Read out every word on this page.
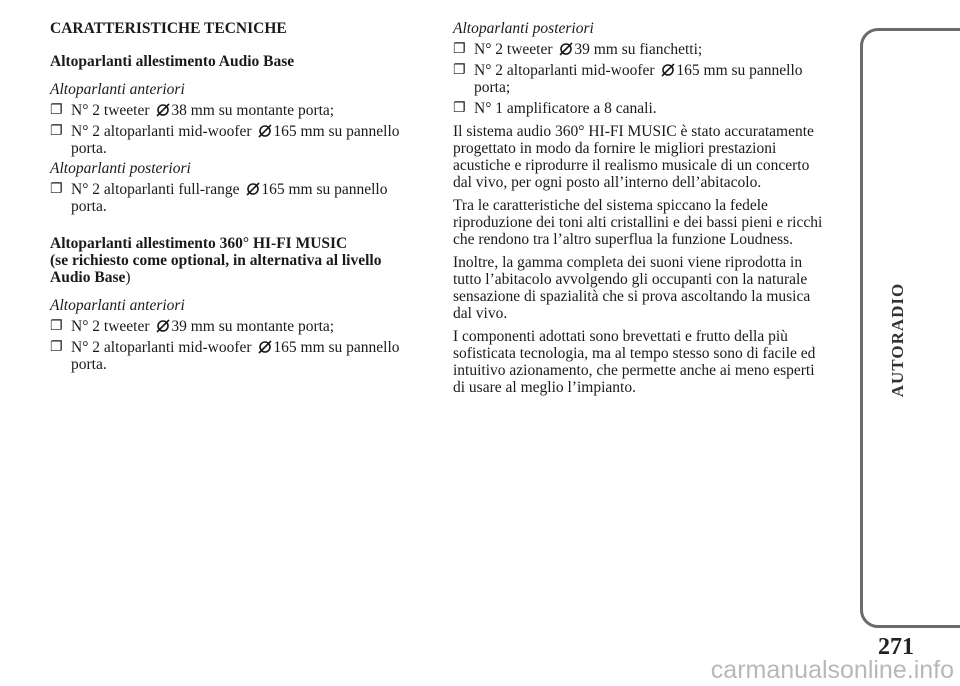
CARATTERISTICHE TECNICHE

Altoparlanti allestimento Audio Base

Altoparlanti anteriori

❐ N° 2 tweeter 38 mm su montante porta;
❐ N° 2 altoparlanti mid-woofer 165 mm su pannello porta.

Altoparlanti posteriori

❐ N° 2 altoparlanti full-range 165 mm su pannello porta.

Altoparlanti allestimento 360° HI-FI MUSIC

(se richiesto come optional, in alternativa al livello Audio Base)

Altoparlanti anteriori

❐ N° 2 tweeter 39 mm su montante porta;
❐ N° 2 altoparlanti mid-woofer 165 mm su pannello porta.

Altoparlanti posteriori

❐ N° 2 tweeter 39 mm su fianchetti;
❐ N° 2 altoparlanti mid-woofer 165 mm su pannello porta;
❐ N° 1 amplificatore a 8 canali.

Il sistema audio 360° HI-FI MUSIC è stato accuratamente progettato in modo da fornire le migliori prestazioni acustiche e riprodurre il realismo musicale di un concerto dal vivo, per ogni posto all’interno dell’abitacolo.

Tra le caratteristiche del sistema spiccano la fedele riproduzione dei toni alti cristallini e dei bassi pieni e ricchi che rendono tra l’altro superflua la funzione Loudness.

Inoltre, la gamma completa dei suoni viene riprodotta in tutto l’abitacolo avvolgendo gli occupanti con la naturale sensazione di spazialità che si prova ascoltando la musica dal vivo.

I componenti adottati sono brevettati e frutto della più sofisticata tecnologia, ma al tempo stesso sono di facile ed intuitivo azionamento, che permette anche ai meno esperti di usare al meglio l’impianto.	AUTORADIO
271
carmanualsonline.info
